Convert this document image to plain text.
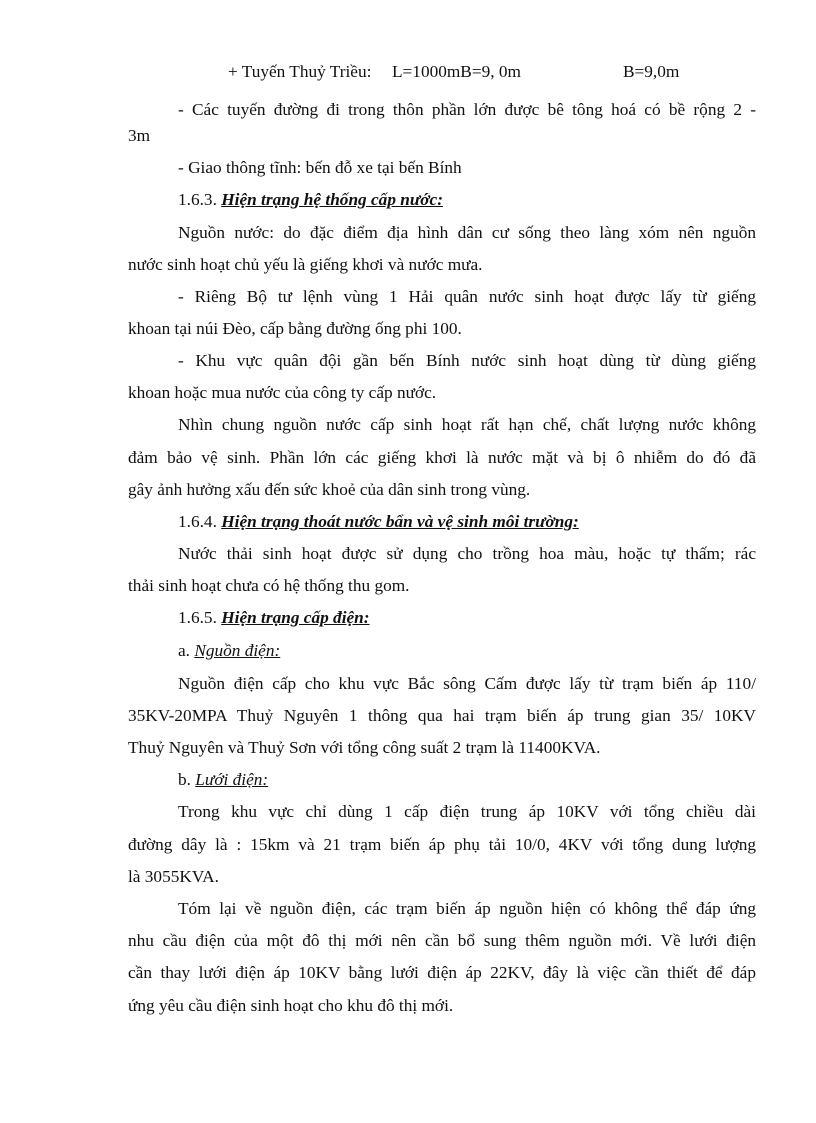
+ Tuyến Thuỷ Triều: L=1000mB=9, 0m	B=9,0m
- Các tuyến đường đi trong thôn phần lớn được bê tông hoá có bề rộng 2 -
3m
- Giao thông tĩnh: bến đỗ xe tại bến Bính
1.6.3. Hiện trạng hệ thống cấp nước:
Nguồn nước: do đặc điểm địa hình dân cư sống theo làng xóm nên nguồn
nước sinh hoạt chủ yếu là giếng khơi và nước mưa.
- Riêng Bộ tư lệnh vùng 1 Hải quân nước sinh hoạt được lấy từ giếng
khoan tại núi Đèo, cấp bằng đường ống phi 100.
- Khu vực quân đội gần bến Bính nước sinh hoạt dùng từ dùng giếng
khoan hoặc mua nước của công ty cấp nước.
Nhìn chung nguồn nước cấp sinh hoạt rất hạn chế, chất lượng nước không
đảm bảo vệ sinh. Phần lớn các giếng khơi là nước mặt và bị ô nhiễm do đó đã
gây ảnh hưởng xấu đến sức khoẻ của dân sinh trong vùng.
1.6.4. Hiện trạng thoát nước bẩn và vệ sinh môi trường:
Nước thải sinh hoạt được sử dụng cho trồng hoa màu, hoặc tự thấm; rác
thải sinh hoạt chưa có hệ thống thu gom.
1.6.5. Hiện trạng cấp điện:
a. Nguồn điện:
Nguồn điện cấp cho khu vực Bắc sông Cấm được lấy từ trạm biến áp 110/
35KV-20MPA Thuỷ Nguyên 1 thông qua hai trạm biến áp trung gian 35/ 10KV
Thuỷ Nguyên và Thuỷ Sơn với tổng công suất 2 trạm là 11400KVA.
b. Lưới điện:
Trong khu vực chỉ dùng 1 cấp điện trung áp 10KV với tổng chiều dài
đường dây là : 15km và 21 trạm biến áp phụ tải 10/0, 4KV với tổng dung lượng
là 3055KVA.
Tóm lại về nguồn điện, các trạm biến áp nguồn hiện có không thể đáp ứng
nhu cầu điện của một đô thị mới nên cần bổ sung thêm nguồn mới. Về lưới điện
cần thay lưới điện áp 10KV bằng lưới điện áp 22KV, đây là việc cần thiết để đáp
ứng yêu cầu điện sinh hoạt cho khu đô thị mới.
